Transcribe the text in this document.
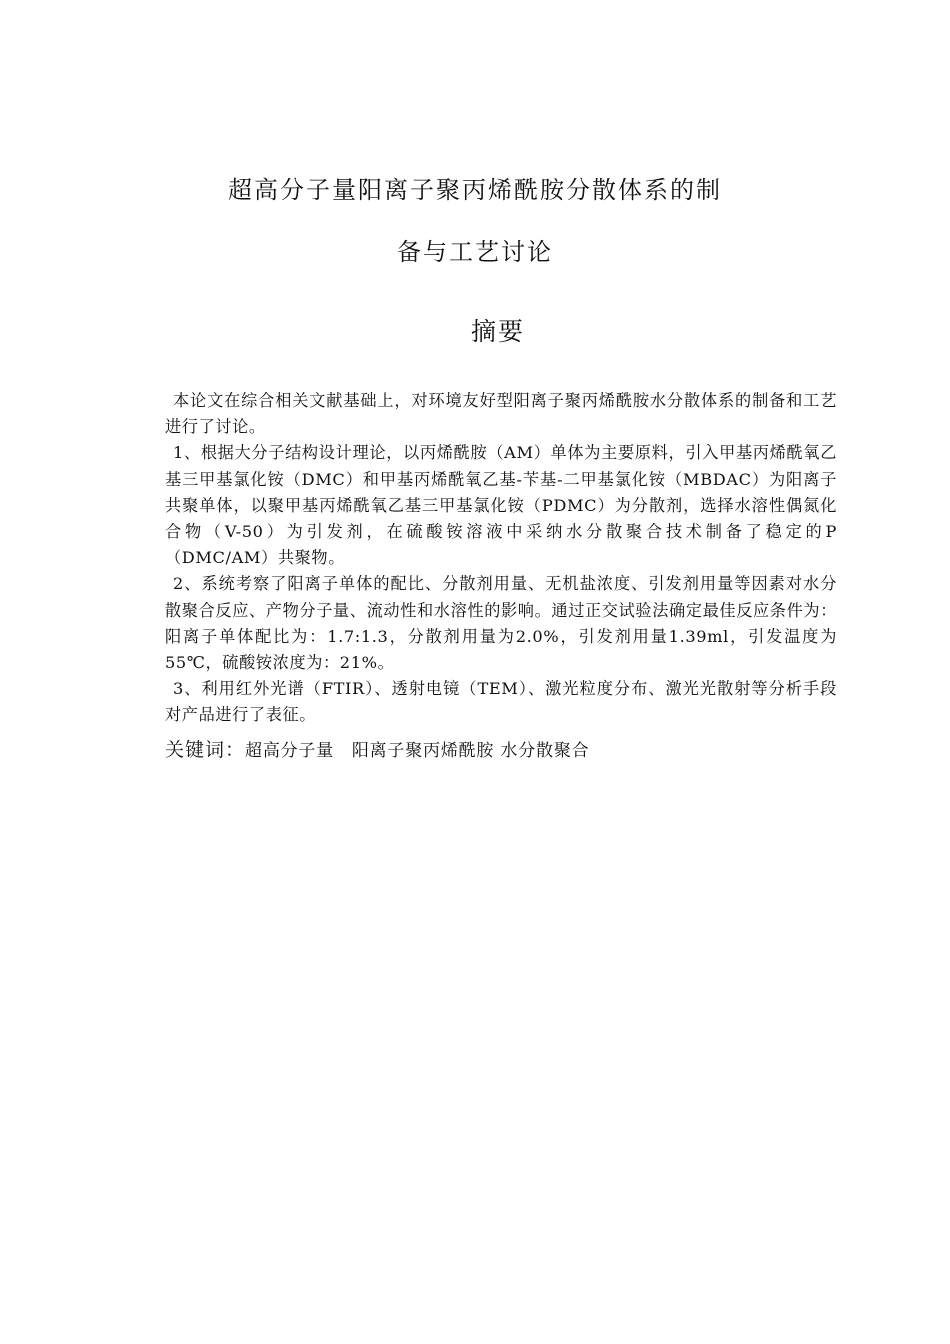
超高分子量阳离子聚丙烯酰胺分散体系的制
备与工艺讨论
摘要

本论文在综合相关文献基础上，对环境友好型阳离子聚丙烯酰胺水分散体系的制备和工艺进行了讨论。

1、根据大分子结构设计理论，以丙烯酰胺（AM）单体为主要原料，引入甲基丙烯酰氧乙基三甲基氯化铵（DMC）和甲基丙烯酰氧乙基-苄基-二甲基氯化铵（MBDAC）为阳离子共聚单体，以聚甲基丙烯酰氧乙基三甲基氯化铵（PDMC）为分散剂，选择水溶性偶氮化合物（V-50）为引发剂，在硫酸铵溶液中采纳水分散聚合技术制备了稳定的P（DMC/AM）共聚物。

2、系统考察了阳离子单体的配比、分散剂用量、无机盐浓度、引发剂用量等因素对水分散聚合反应、产物分子量、流动性和水溶性的影响。通过正交试验法确定最佳反应条件为：阳离子单体配比为：1.7:1.3，分散剂用量为2.0%，引发剂用量1.39ml，引发温度为55℃，硫酸铵浓度为：21%。

3、利用红外光谱（FTIR）、透射电镜（TEM）、激光粒度分布、激光光散射等分析手段对产品进行了表征。

关键词：超高分子量　阳离子聚丙烯酰胺 水分散聚合
